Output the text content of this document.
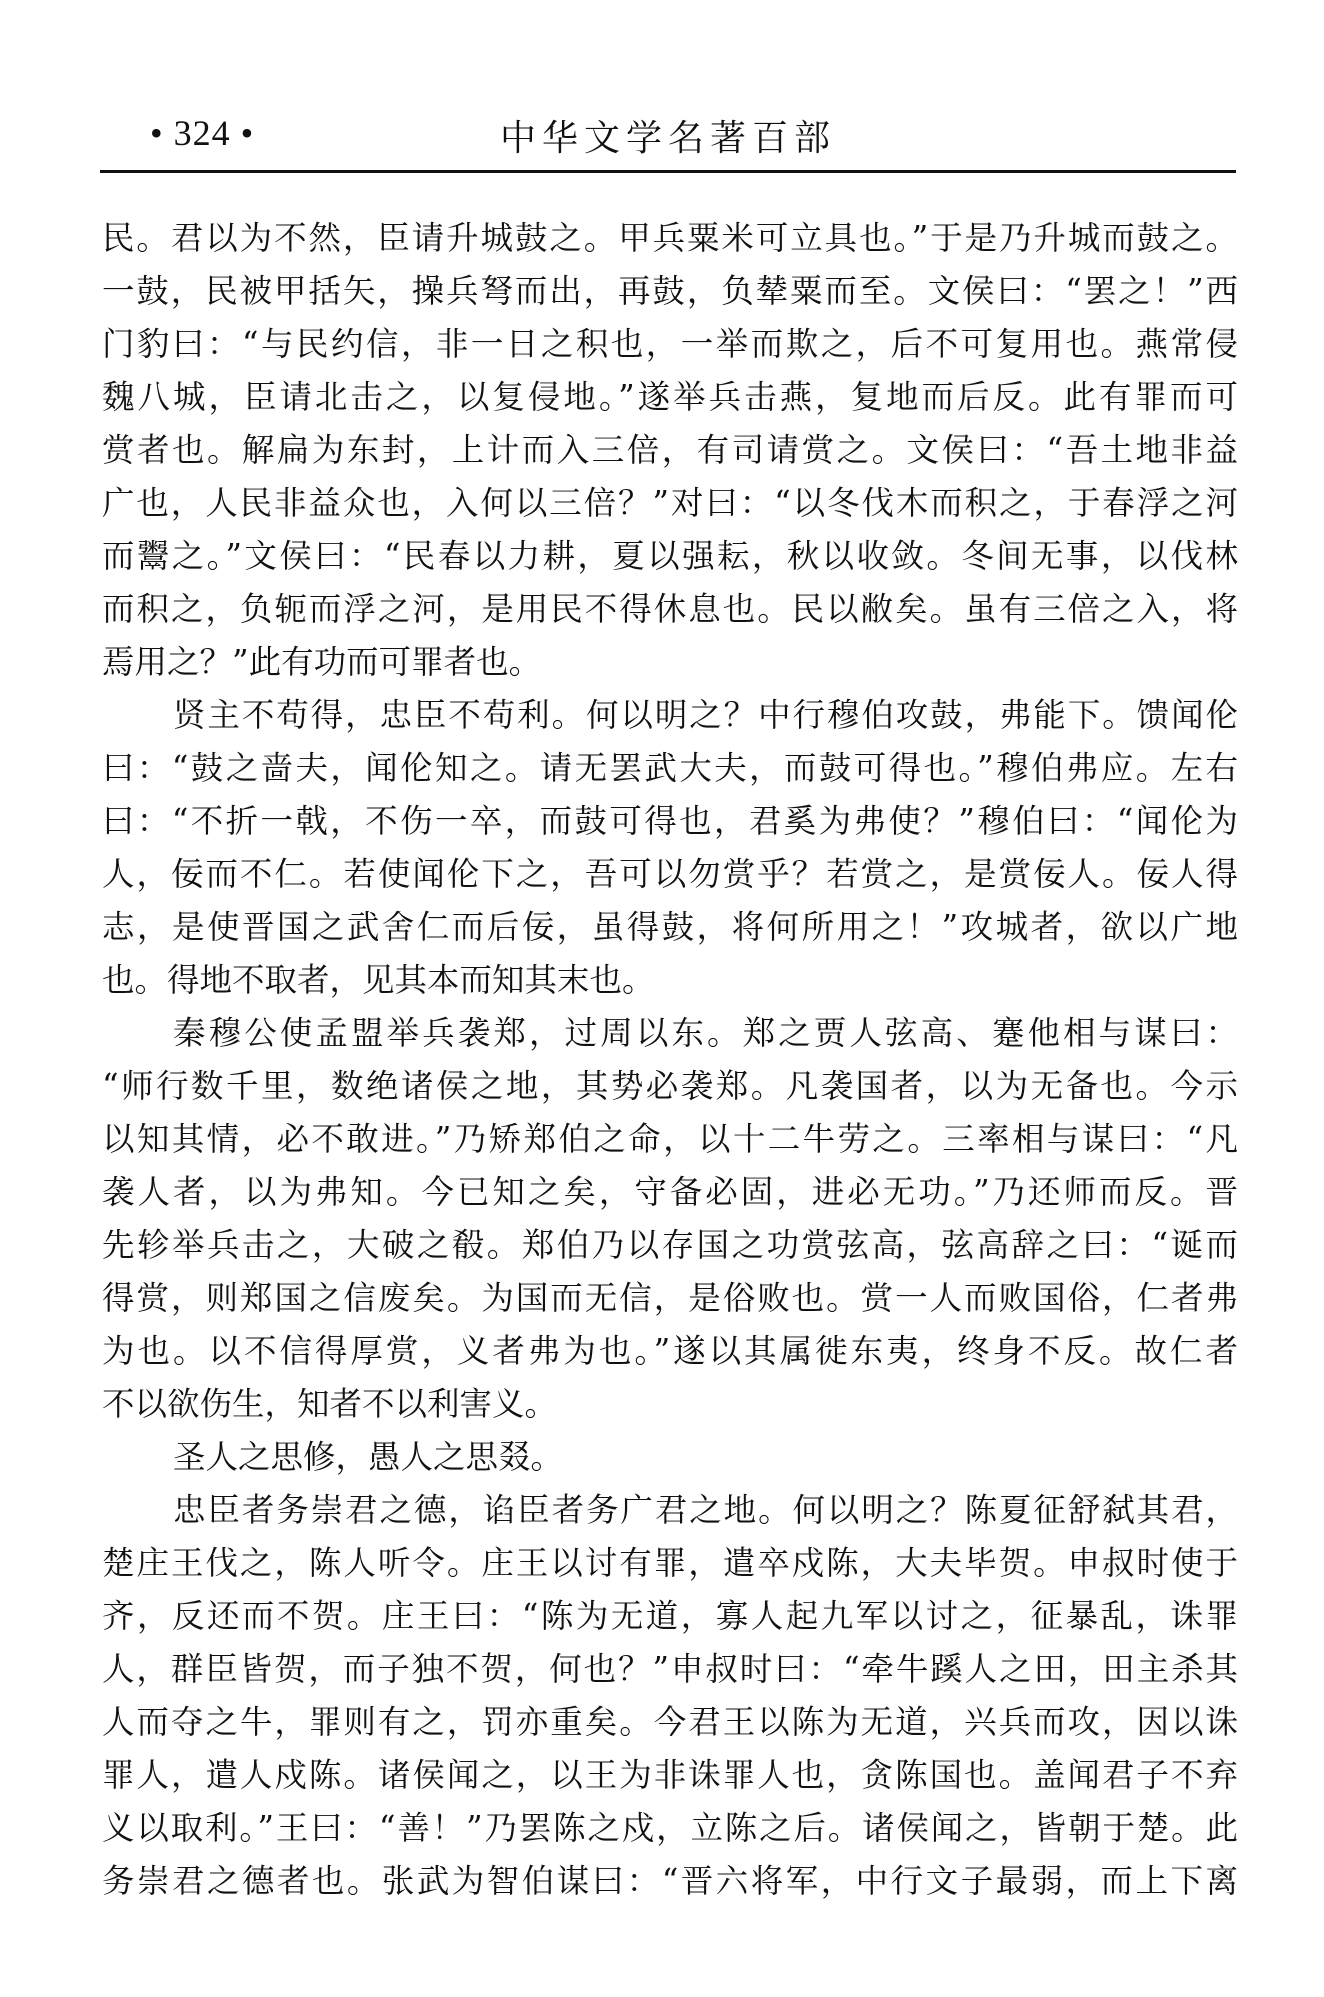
• 324 •	中华文学名著百部
民。君以为不然，臣请升城鼓之。甲兵粟米可立具也。”于是乃升城而鼓之。
一鼓，民被甲括矢，操兵弩而出，再鼓，负辇粟而至。文侯曰：“罢之！”西
门豹曰：“与民约信，非一日之积也，一举而欺之，后不可复用也。燕常侵
魏八城，臣请北击之，以复侵地。”遂举兵击燕，复地而后反。此有罪而可
赏者也。解扁为东封，上计而入三倍，有司请赏之。文侯曰：“吾土地非益
广也，人民非益众也，入何以三倍？”对曰：“以冬伐木而积之，于春浮之河
而鬻之。”文侯曰：“民春以力耕，夏以强耘，秋以收敛。冬间无事，以伐林
而积之，负轭而浮之河，是用民不得休息也。民以敝矣。虽有三倍之入，将
焉用之？”此有功而可罪者也。
贤主不苟得，忠臣不苟利。何以明之？中行穆伯攻鼓，弗能下。馈闻伦
曰：“鼓之啬夫，闻伦知之。请无罢武大夫，而鼓可得也。”穆伯弗应。左右
曰：“不折一戟，不伤一卒，而鼓可得也，君奚为弗使？”穆伯曰：“闻伦为
人，佞而不仁。若使闻伦下之，吾可以勿赏乎？若赏之，是赏佞人。佞人得
志，是使晋国之武舍仁而后佞，虽得鼓，将何所用之！”攻城者，欲以广地
也。得地不取者，见其本而知其末也。
秦穆公使孟盟举兵袭郑，过周以东。郑之贾人弦高、蹇他相与谋曰：
“师行数千里，数绝诸侯之地，其势必袭郑。凡袭国者，以为无备也。今示
以知其情，必不敢进。”乃矫郑伯之命，以十二牛劳之。三率相与谋曰：“凡
袭人者，以为弗知。今已知之矣，守备必固，进必无功。”乃还师而反。晋
先轸举兵击之，大破之殽。郑伯乃以存国之功赏弦高，弦高辞之曰：“诞而
得赏，则郑国之信废矣。为国而无信，是俗败也。赏一人而败国俗，仁者弗
为也。以不信得厚赏，义者弗为也。”遂以其属徙东夷，终身不反。故仁者
不以欲伤生，知者不以利害义。
圣人之思修，愚人之思叕。
忠臣者务崇君之德，谄臣者务广君之地。何以明之？陈夏征舒弑其君，
楚庄王伐之，陈人听令。庄王以讨有罪，遣卒戍陈，大夫毕贺。申叔时使于
齐，反还而不贺。庄王曰：“陈为无道，寡人起九军以讨之，征暴乱，诛罪
人，群臣皆贺，而子独不贺，何也？”申叔时曰：“牵牛蹊人之田，田主杀其
人而夺之牛，罪则有之，罚亦重矣。今君王以陈为无道，兴兵而攻，因以诛
罪人，遣人戍陈。诸侯闻之，以王为非诛罪人也，贪陈国也。盖闻君子不弃
义以取利。”王曰：“善！”乃罢陈之戍，立陈之后。诸侯闻之，皆朝于楚。此
务崇君之德者也。张武为智伯谋曰：“晋六将军，中行文子最弱，而上下离
